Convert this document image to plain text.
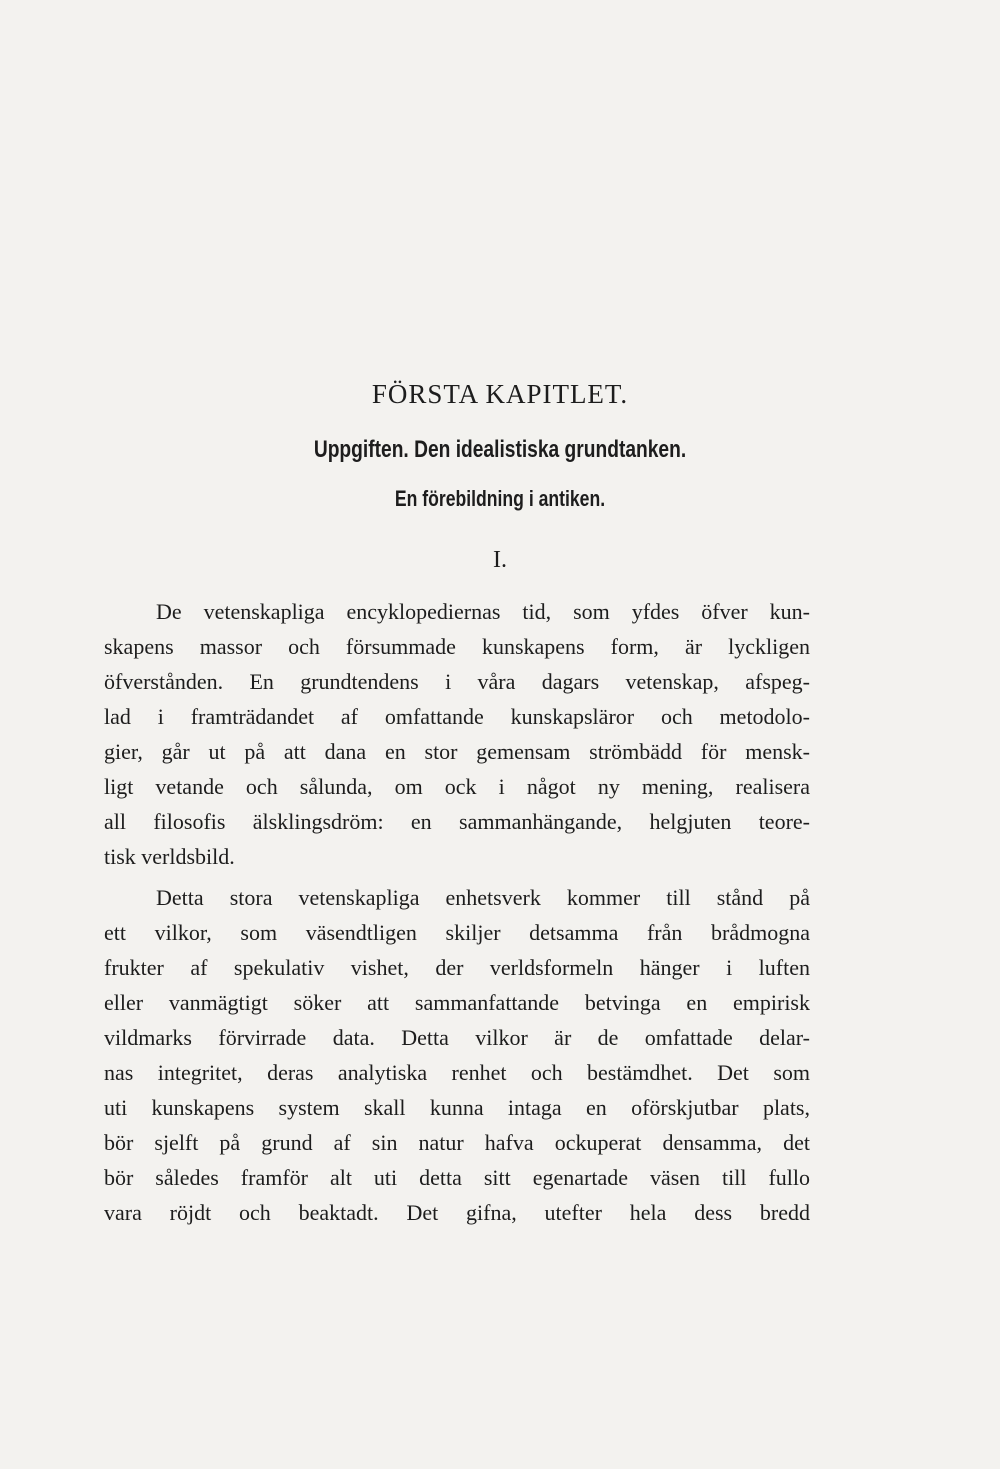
FÖRSTA KAPITLET.
Uppgiften. Den idealistiska grundtanken.
En förebildning i antiken.
I.
De vetenskapliga encyklopediernas tid, som yfdes öfver kun-
skapens massor och försummade kunskapens form, är lyckligen
öfverstånden. En grundtendens i våra dagars vetenskap, afspeg-
lad i framträdandet af omfattande kunskapsläror och metodolo-
gier, går ut på att dana en stor gemensam strömbädd för mensk-
ligt vetande och sålunda, om ock i något ny mening, realisera
all filosofis älsklingsdröm: en sammanhängande, helgjuten teore-
tisk verldsbild.
Detta stora vetenskapliga enhetsverk kommer till stånd på
ett vilkor, som väsendtligen skiljer detsamma från brådmogna
frukter af spekulativ vishet, der verldsformeln hänger i luften
eller vanmägtigt söker att sammanfattande betvinga en empirisk
vildmarks förvirrade data. Detta vilkor är de omfattade delar-
nas integritet, deras analytiska renhet och bestämdhet. Det som
uti kunskapens system skall kunna intaga en oförskjutbar plats,
bör sjelft på grund af sin natur hafva ockuperat densamma, det
bör således framför alt uti detta sitt egenartade väsen till fullo
vara röjdt och beaktadt. Det gifna, utefter hela dess bredd
